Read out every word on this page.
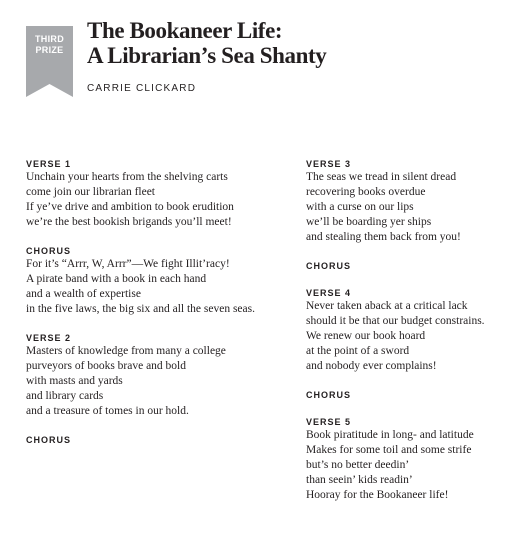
THIRD
PRIZE
The Bookaneer Life:
A Librarian’s Sea Shanty
CARRIE CLICKARD
VERSE 1
Unchain your hearts from the shelving carts
come join our librarian fleet
If ye’ve drive and ambition to book erudition
we’re the best bookish brigands you’ll meet!
CHORUS
For it’s “Arrr, W, Arrr”—We fight Illit’racy!
A pirate band with a book in each hand
and a wealth of expertise
in the five laws, the big six and all the seven seas.
VERSE 2
Masters of knowledge from many a college
purveyors of books brave and bold
with masts and yards
and library cards
and a treasure of tomes in our hold.
CHORUS
VERSE 3
The seas we tread in silent dread
recovering books overdue
with a curse on our lips
we’ll be boarding yer ships
and stealing them back from you!
CHORUS
VERSE 4
Never taken aback at a critical lack
should it be that our budget constrains.
We renew our book hoard
at the point of a sword
and nobody ever complains!
CHORUS
VERSE 5
Book piratitude in long- and latitude
Makes for some toil and some strife
but’s no better deedin’
than seein’ kids readin’
Hooray for the Bookaneer life!
